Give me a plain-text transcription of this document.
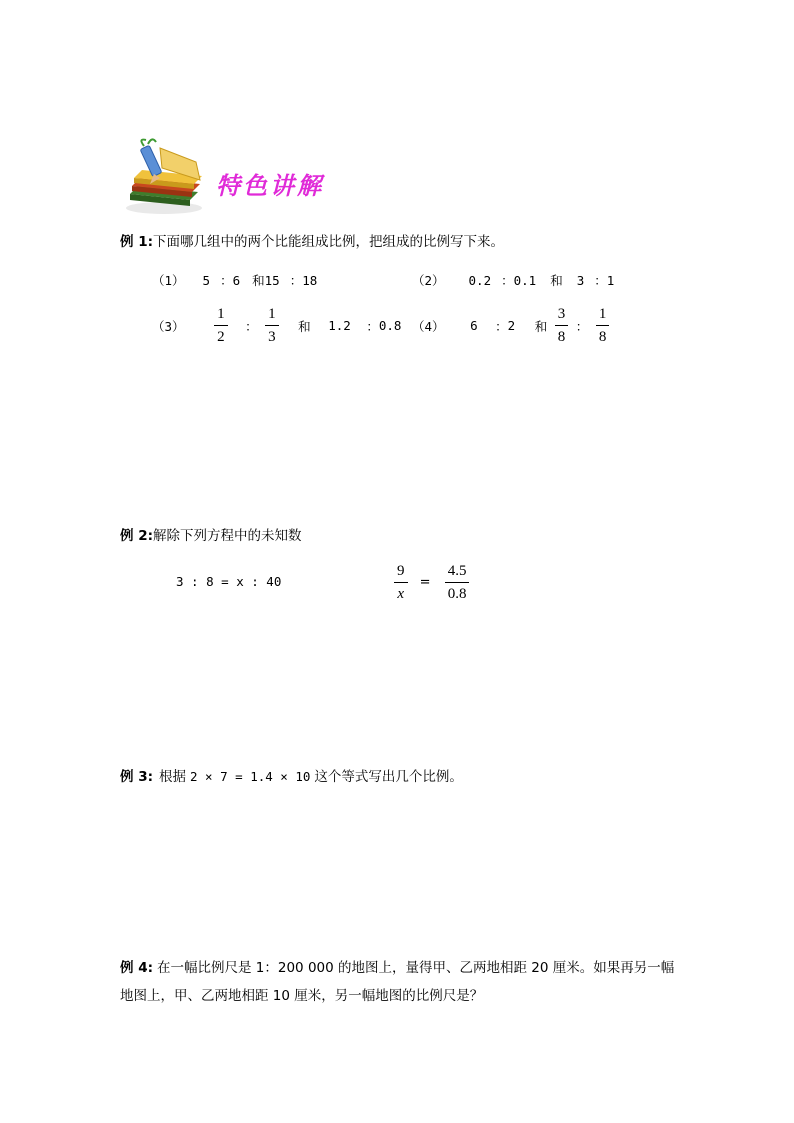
特色讲解
例 1:下面哪几组中的两个比能组成比例，把组成的比例写下来。
（1） 5 ：6 和15 ：18	（2） 0.2 ：0.1 和 3 ：1
$(3) \frac{1}{2}$ ： $\frac{1}{3}$ 和 1.2 ：0.8 （4） 6 ：2 和 $\frac{3}{8}$ ： $\frac{1}{8}$
例 2:解除下列方程中的未知数
3 : 8 = x : 40	$\frac{9}{x} = \frac{4.5}{0.8}$
例 3: 根据 2 × 7 = 1.4 × 10 这个等式写出几个比例。
例 4: 在一幅比例尺是 1：200 000 的地图上，量得甲、乙两地相距 20 厘米。如果再另一幅
地图上，甲、乙两地相距 10 厘米，另一幅地图的比例尺是？
